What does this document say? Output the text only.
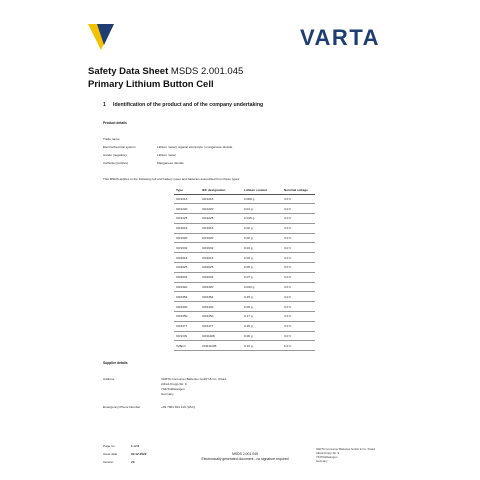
VARTA
Safety Data Sheet MSDS 2.001.045
Primary Lithium Button Cell
1 Identification of the product and of the company undertaking
Product details
Trade name
Electrochemical system	Lithium metal | organic electrolyte | manganese dioxide
Anode (negative)	Lithium metal
Cathode (positive)	Manganese dioxide
This MSDS applies to the following cell and battery types and batteries assembled from these types:
Type	IEC designation	Lithium content	Nominal voltage
CR1216	CR1216	0.008 g	3.0 V
CR1220	CR1220	0.01 g	3.0 V
CR1225	CR1225	0.015 g	3.0 V
CR1616	CR1616	0.02 g	3.0 V
CR1620	CR1620	0.02 g	3.0 V
CR1632	CR1632	0.04 g	3.0 V
CR2016	CR2016	0.03 g	3.0 V
CR2025	CR2025	0.05 g	3.0 V
CR2032	CR2032	0.07 g	3.0 V
CR2320	CR2320	0.043 g	3.0 V
CR2354	CR2354	0.15 g	3.0 V
CR2430	CR2430	0.09 g	3.0 V
CR2450	CR2450	0.17 g	3.0 V
CR2477	CR2477	0.29 g	3.0 V
CR1/3N	CR11108	0.06 g	3.0 V
V28pxl	2CR11108	0.12 g	6.0 V
Supplier details
Address	VARTA Consumer Batteries GmbH & Co. KGaA
Alfred-Krupp-Str. 9
73479 Ellwangen
Germany
Emergency Phone Number	+49 7961 921 110 (VAC)
Page no.	1 of 8
Issue date	02.12.2022
Version	23
MSDS 2.001.045
Electronically generated document - no signature required
VARTA Consumer Batteries GmbH & Co. KGaA
Alfred-Krupp-Str. 9
73479 Ellwangen
Germany
